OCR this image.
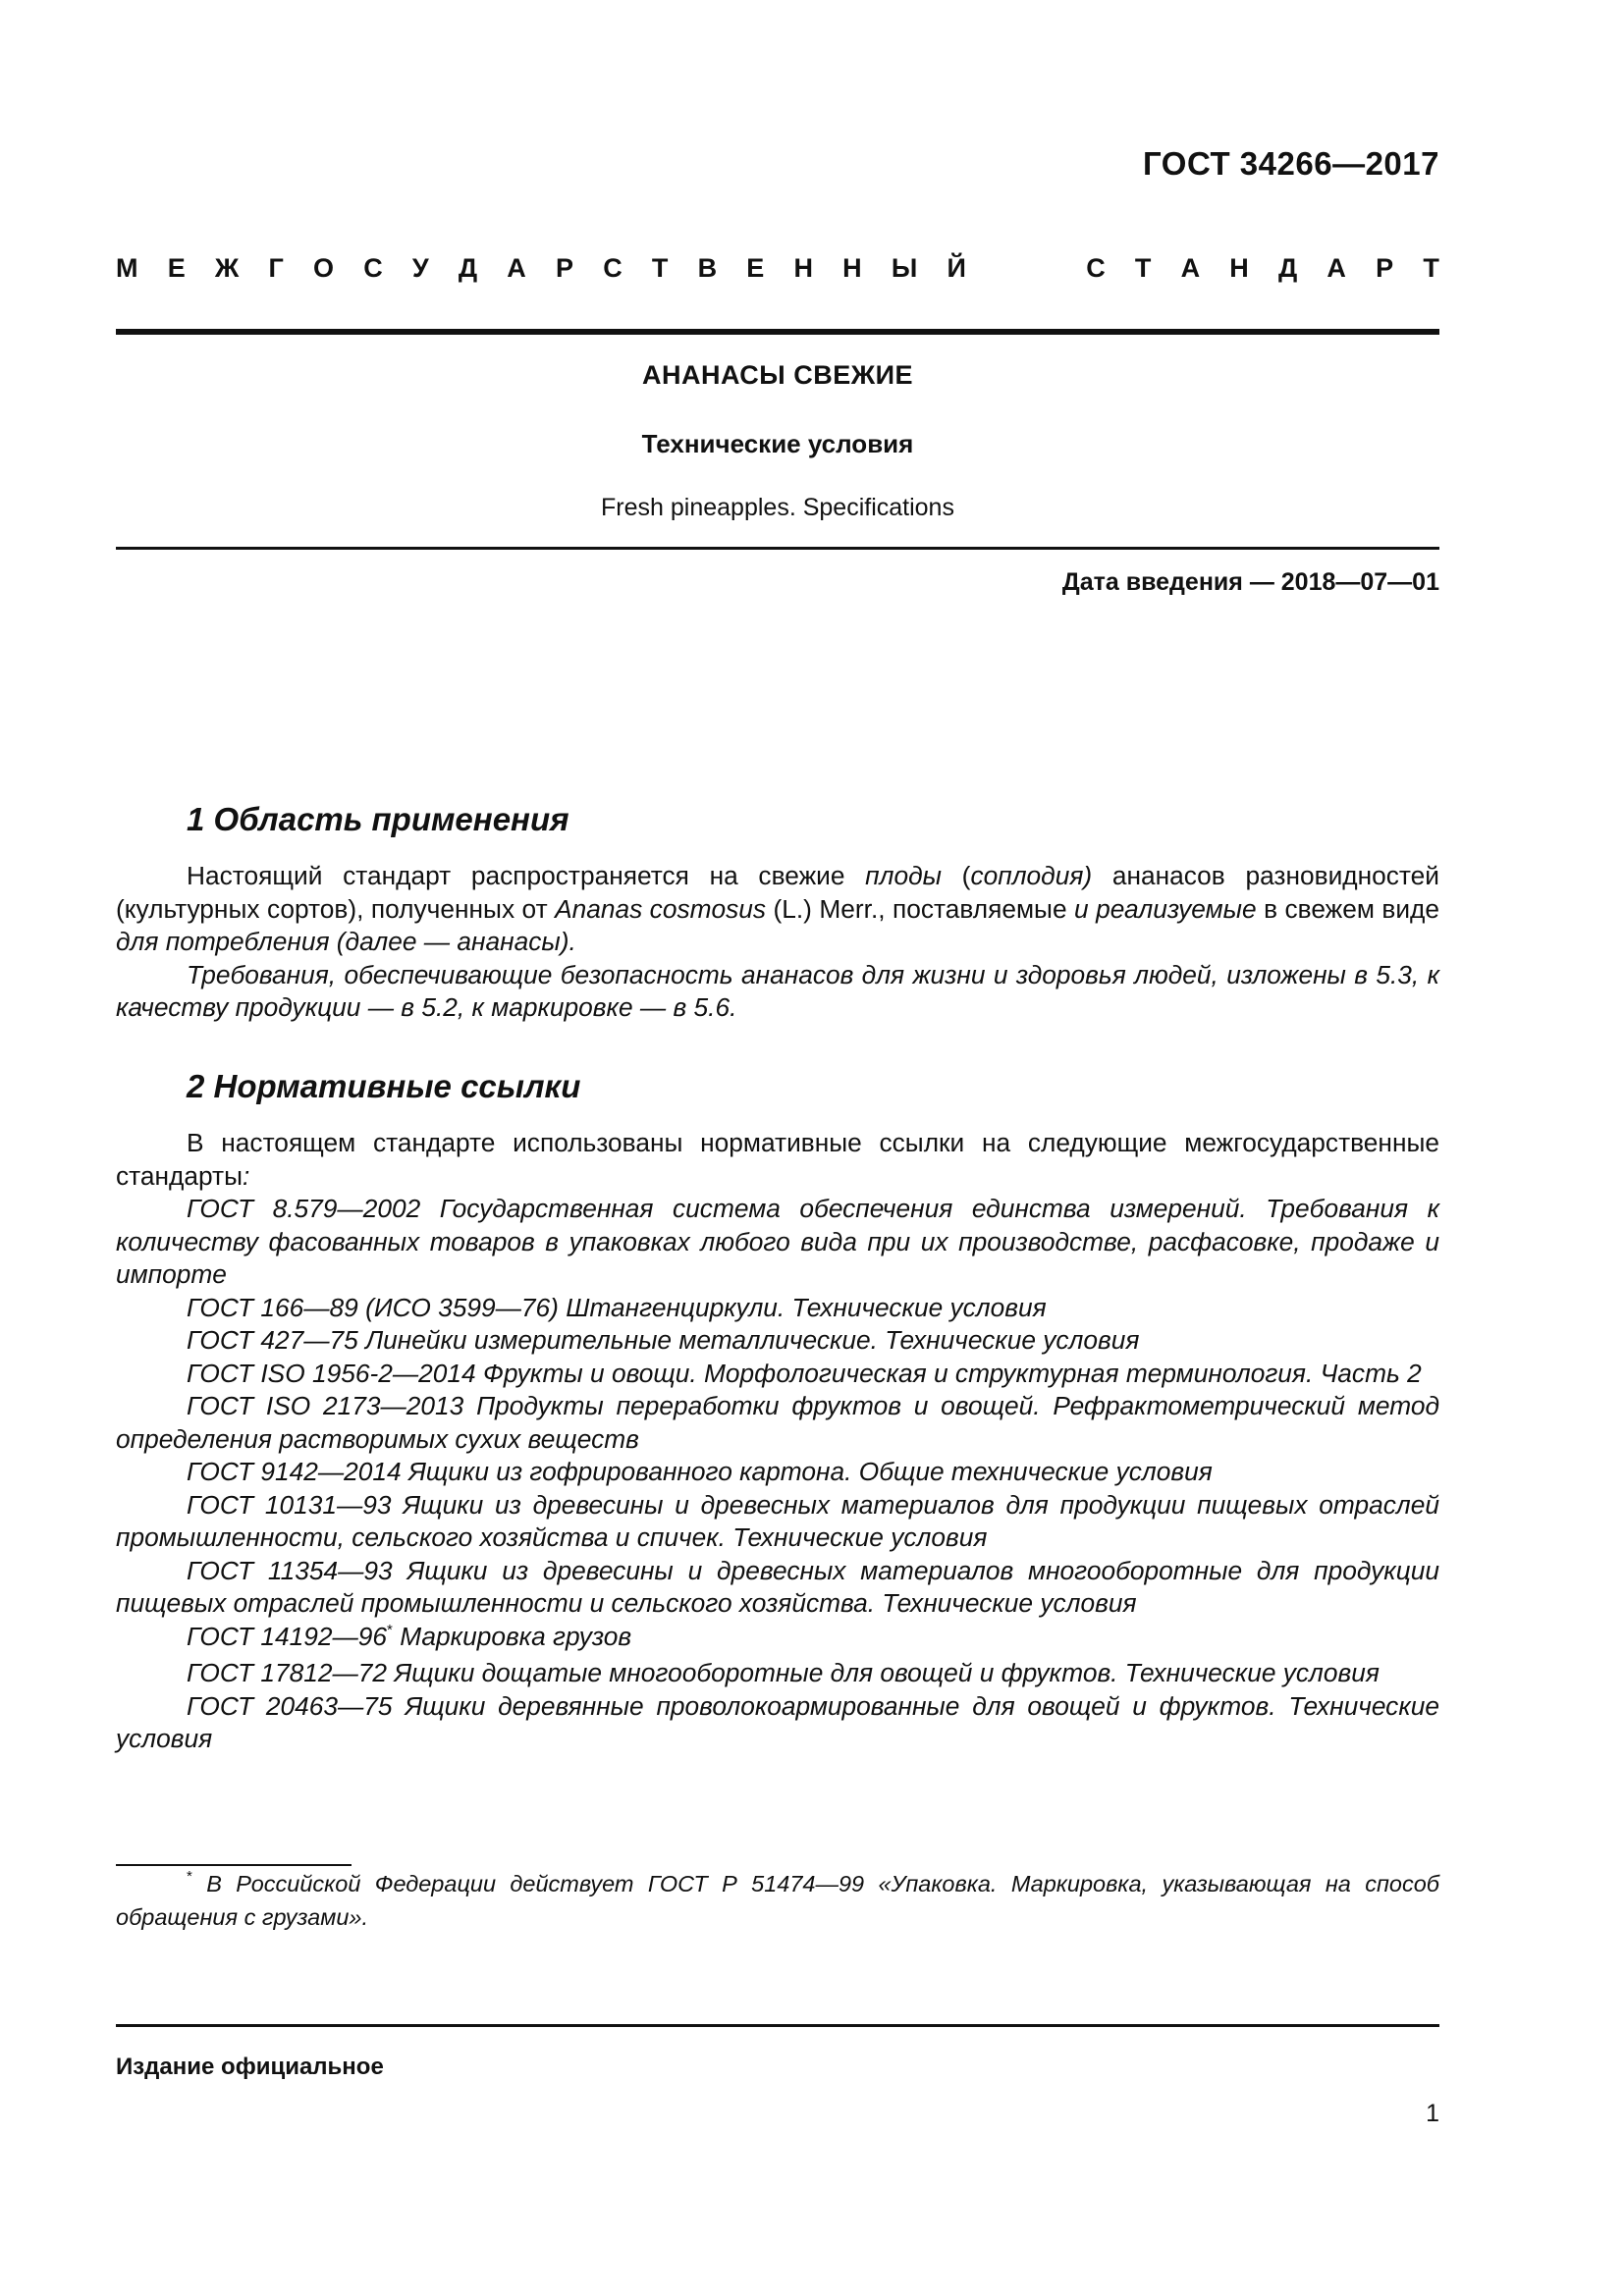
ГОСТ 34266—2017
М Е Ж Г О С У Д А Р С Т В Е Н Н Ы Й	С Т А Н Д А Р Т
АНАНАСЫ СВЕЖИЕ
Технические условия
Fresh pineapples. Specifications
Дата введения — 2018—07—01
1 Область применения

Настоящий стандарт распространяется на свежие плоды (соплодия) ананасов разновидностей (культурных сортов), полученных от Ananas cosmosus (L.) Merr., поставляемые и реализуемые в свежем виде для потребления (далее — ананасы).

Требования, обеспечивающие безопасность ананасов для жизни и здоровья людей, изложены в 5.3, к качеству продукции — в 5.2, к маркировке — в 5.6.

2 Нормативные ссылки

В настоящем стандарте использованы нормативные ссылки на следующие межгосударственные стандарты:

ГОСТ 8.579—2002 Государственная система обеспечения единства измерений. Требования к количеству фасованных товаров в упаковках любого вида при их производстве, расфасовке, продаже и импорте

ГОСТ 166—89 (ИСО 3599—76) Штангенциркули. Технические условия

ГОСТ 427—75 Линейки измерительные металлические. Технические условия

ГОСТ ISO 1956-2—2014 Фрукты и овощи. Морфологическая и структурная терминология. Часть 2

ГОСТ ISO 2173—2013 Продукты переработки фруктов и овощей. Рефрактометрический метод определения растворимых сухих веществ

ГОСТ 9142—2014 Ящики из гофрированного картона. Общие технические условия

ГОСТ 10131—93 Ящики из древесины и древесных материалов для продукции пищевых отраслей промышленности, сельского хозяйства и спичек. Технические условия

ГОСТ 11354—93 Ящики из древесины и древесных материалов многооборотные для продукции пищевых отраслей промышленности и сельского хозяйства. Технические условия

ГОСТ 14192—96* Маркировка грузов

ГОСТ 17812—72 Ящики дощатые многооборотные для овощей и фруктов. Технические условия

ГОСТ 20463—75 Ящики деревянные проволокоармированные для овощей и фруктов. Технические условия

* В Российской Федерации действует ГОСТ Р 51474—99 «Упаковка. Маркировка, указывающая на способ обращения с грузами».

Издание официальное
1
